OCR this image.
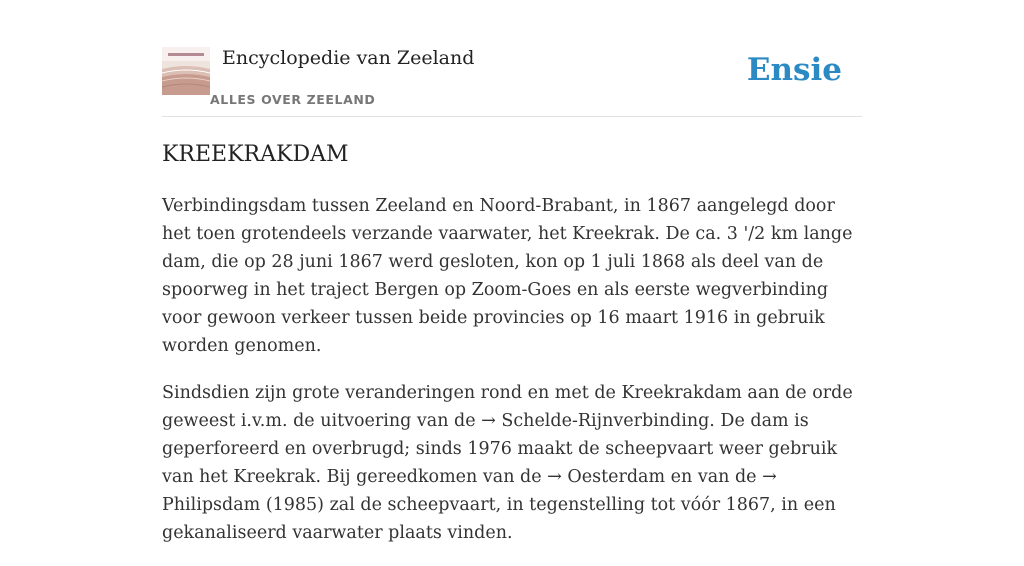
Encyclopedie van Zeeland
ALLES OVER ZEELAND
Ensie
KREEKRAKDAM

Verbindingsdam tussen Zeeland en Noord-Brabant, in 1867 aangelegd door het toen grotendeels verzande vaarwater, het Kreekrak. De ca. 3 '/2 km lange dam, die op 28 juni 1867 werd gesloten, kon op 1 juli 1868 als deel van de spoorweg in het traject Bergen op Zoom-Goes en als eerste wegverbinding voor gewoon verkeer tussen beide provincies op 16 maart 1916 in gebruik worden genomen.

Sindsdien zijn grote veranderingen rond en met de Kreekrakdam aan de orde geweest i.v.m. de uitvoering van de → Schelde-Rijnverbinding. De dam is geperforeerd en overbrugd; sinds 1976 maakt de scheepvaart weer gebruik van het Kreekrak. Bij gereedkomen van de → Oesterdam en van de → Philipsdam (1985) zal de scheepvaart, in tegenstelling tot vóór 1867, in een gekanaliseerd vaarwater plaats vinden.
